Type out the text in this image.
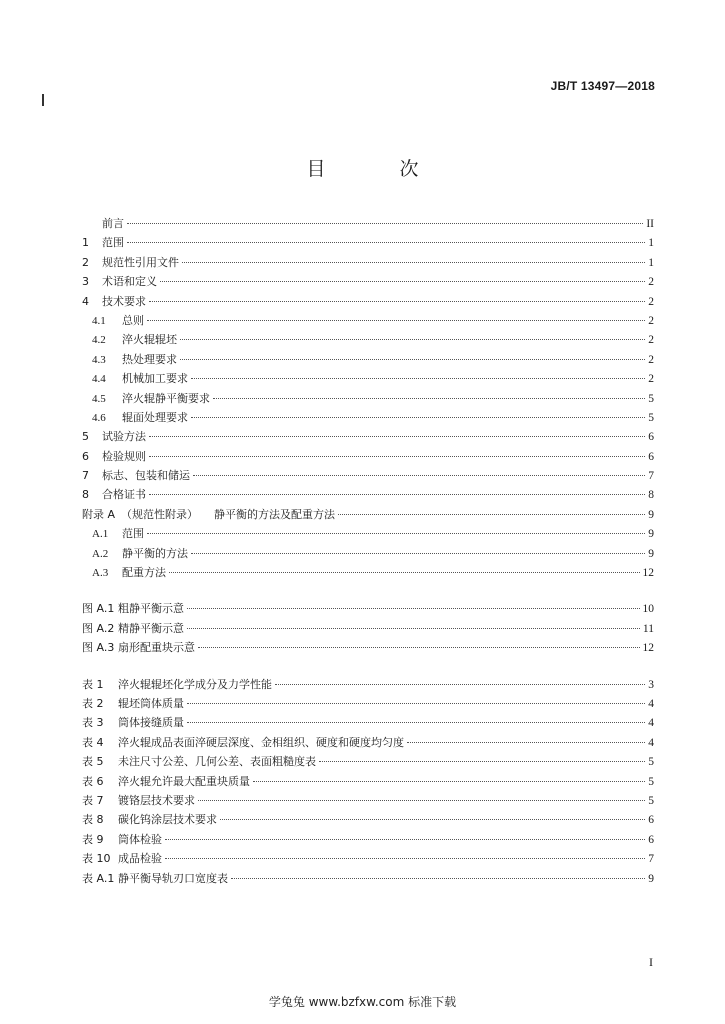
JB/T 13497—2018
目 次
前言	II
1	范围	1
2	规范性引用文件	1
3	术语和定义	2
4	技术要求	2
4.1	总则	2
4.2	淬火辊辊坯	2
4.3	热处理要求	2
4.4	机械加工要求	2
4.5	淬火辊静平衡要求	5
4.6	辊面处理要求	5
5	试验方法	6
6	检验规则	6
7	标志、包装和储运	7
8	合格证书	8
附录 A （规范性附录） 静平衡的方法及配重方法	9
A.1	范围	9
A.2	静平衡的方法	9
A.3	配重方法	12
图 A.1 粗静平衡示意	10
图 A.2 精静平衡示意	11
图 A.3 扇形配重块示意	12
表 1	淬火辊辊坯化学成分及力学性能	3
表 2	辊坯筒体质量	4
表 3	筒体接缝质量	4
表 4	淬火辊成品表面淬硬层深度、金相组织、硬度和硬度均匀度	4
表 5	未注尺寸公差、几何公差、表面粗糙度表	5
表 6	淬火辊允许最大配重块质量	5
表 7	镀铬层技术要求	5
表 8	碳化钨涂层技术要求	6
表 9	筒体检验	6
表 10 成品检验	7
表 A.1 静平衡导轨刃口宽度表	9
I
学兔兔 www.bzfxw.com 标准下载
